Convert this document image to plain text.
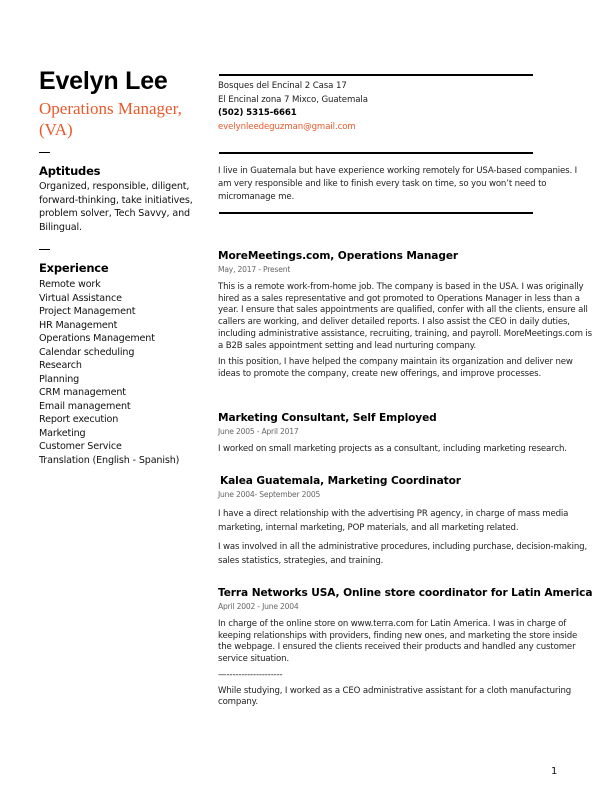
Evelyn Lee
Operations Manager, (VA)
Aptitudes
Organized, responsible, diligent, forward-thinking, take initiatives, problem solver, Tech Savvy, and Bilingual.
Experience
Remote work
Virtual Assistance
Project Management
HR Management
Operations Management
Calendar scheduling
Research
Planning
CRM management
Email management
Report execution
Marketing
Customer Service
Translation (English - Spanish)
Bosques del Encinal 2 Casa 17
El Encinal zona 7 Mixco, Guatemala
(502) 5315-6661
evelynleedeguzman@gmail.com
I live in Guatemala but have experience working remotely for USA-based companies. I am very responsible and like to finish every task on time, so you won’t need to micromanage me.
MoreMeetings.com, Operations Manager
May, 2017 - Present
This is a remote work-from-home job. The company is based in the USA. I was originally hired as a sales representative and got promoted to Operations Manager in less than a year. I ensure that sales appointments are qualified, confer with all the clients, ensure all callers are working, and deliver detailed reports. I also assist the CEO in daily duties, including administrative assistance, recruiting, training, and payroll. MoreMeetings.com is a B2B sales appointment setting and lead nurturing company.
In this position, I have helped the company maintain its organization and deliver new ideas to promote the company, create new offerings, and improve processes.
Marketing Consultant, Self Employed
June 2005 - April 2017
I worked on small marketing projects as a consultant, including marketing research.
Kalea Guatemala, Marketing Coordinator
June 2004- September 2005
I have a direct relationship with the advertising PR agency, in charge of mass media marketing, internal marketing, POP materials, and all marketing related.
I was involved in all the administrative procedures, including purchase, decision-making, sales statistics, strategies, and training.
Terra Networks USA, Online store coordinator for Latin America
April 2002 - June 2004
In charge of the online store on www.terra.com for Latin America. I was in charge of keeping relationships with providers, finding new ones, and marketing the store inside the webpage. I ensured the clients received their products and handled any customer service situation.
—-------------------
While studying, I worked as a CEO administrative assistant for a cloth manufacturing company.
1
